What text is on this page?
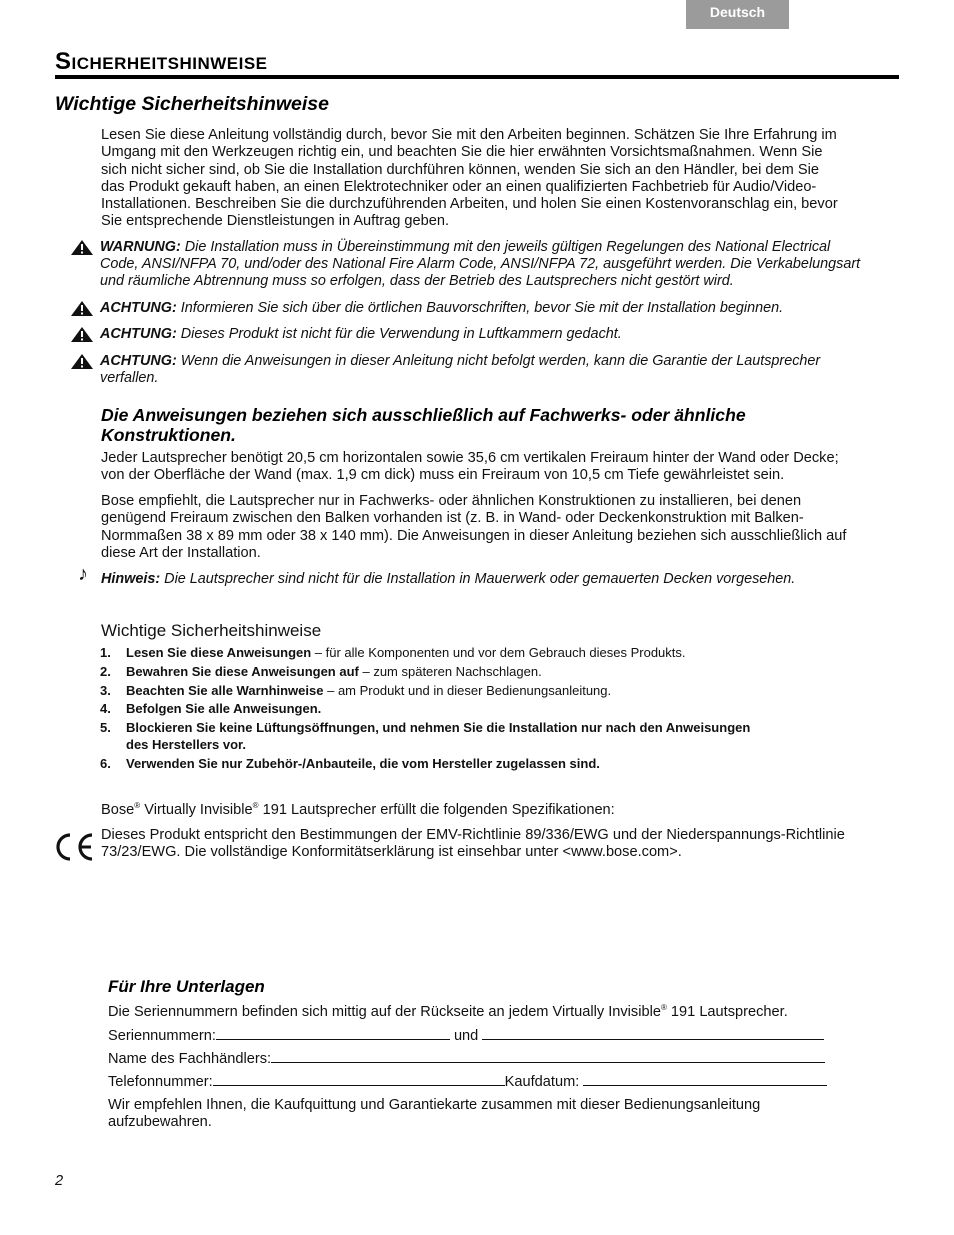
Deutsch
Sicherheitshinweise
Wichtige Sicherheitshinweise
Lesen Sie diese Anleitung vollständig durch, bevor Sie mit den Arbeiten beginnen. Schätzen Sie Ihre Erfahrung im
Umgang mit den Werkzeugen richtig ein, und beachten Sie die hier erwähnten Vorsichtsmaßnahmen. Wenn Sie
sich nicht sicher sind, ob Sie die Installation durchführen können, wenden Sie sich an den Händler, bei dem Sie
das Produkt gekauft haben, an einen Elektrotechniker oder an einen qualifizierten Fachbetrieb für Audio/Video-
Installationen. Beschreiben Sie die durchzuführenden Arbeiten, und holen Sie einen Kostenvoranschlag ein, bevor
Sie entsprechende Dienstleistungen in Auftrag geben.
WARNUNG: Die Installation muss in Übereinstimmung mit den jeweils gültigen Regelungen des National Electrical
Code, ANSI/NFPA 70, und/oder des National Fire Alarm Code, ANSI/NFPA 72, ausgeführt werden. Die Verkabelungsart
und räumliche Abtrennung muss so erfolgen, dass der Betrieb des Lautsprechers nicht gestört wird.
ACHTUNG: Informieren Sie sich über die örtlichen Bauvorschriften, bevor Sie mit der Installation beginnen.
ACHTUNG: Dieses Produkt ist nicht für die Verwendung in Luftkammern gedacht.
ACHTUNG: Wenn die Anweisungen in dieser Anleitung nicht befolgt werden, kann die Garantie der Lautsprecher
verfallen.
Die Anweisungen beziehen sich ausschließlich auf Fachwerks- oder ähnliche
Konstruktionen.
Jeder Lautsprecher benötigt 20,5 cm horizontalen sowie 35,6 cm vertikalen Freiraum hinter der Wand oder Decke;
von der Oberfläche der Wand (max. 1,9 cm dick) muss ein Freiraum von 10,5 cm Tiefe gewährleistet sein.
Bose empfiehlt, die Lautsprecher nur in Fachwerks- oder ähnlichen Konstruktionen zu installieren, bei denen
genügend Freiraum zwischen den Balken vorhanden ist (z. B. in Wand- oder Deckenkonstruktion mit Balken-
Normmaßen 38 x 89 mm oder 38 x 140 mm). Die Anweisungen in dieser Anleitung beziehen sich ausschließlich auf
diese Art der Installation.
♪ Hinweis: Die Lautsprecher sind nicht für die Installation in Mauerwerk oder gemauerten Decken vorgesehen.
Wichtige Sicherheitshinweise
1. Lesen Sie diese Anweisungen – für alle Komponenten und vor dem Gebrauch dieses Produkts.
2. Bewahren Sie diese Anweisungen auf – zum späteren Nachschlagen.
3. Beachten Sie alle Warnhinweise – am Produkt und in dieser Bedienungsanleitung.
4. Befolgen Sie alle Anweisungen.
5. Blockieren Sie keine Lüftungsöffnungen, und nehmen Sie die Installation nur nach den Anweisungen
des Herstellers vor.
6. Verwenden Sie nur Zubehör-/Anbauteile, die vom Hersteller zugelassen sind.
Bose® Virtually Invisible® 191 Lautsprecher erfüllt die folgenden Spezifikationen:
Dieses Produkt entspricht den Bestimmungen der EMV-Richtlinie 89/336/EWG und der Niederspannungs-Richtlinie
73/23/EWG. Die vollständige Konformitätserklärung ist einsehbar unter <www.bose.com>.
Für Ihre Unterlagen
Die Seriennummern befinden sich mittig auf der Rückseite an jedem Virtually Invisible® 191 Lautsprecher.
Seriennummern:	und
Name des Fachhändlers:
Telefonnummer:	Kaufdatum:
Wir empfehlen Ihnen, die Kaufquittung und Garantiekarte zusammen mit dieser Bedienungsanleitung
aufzubewahren.
2
